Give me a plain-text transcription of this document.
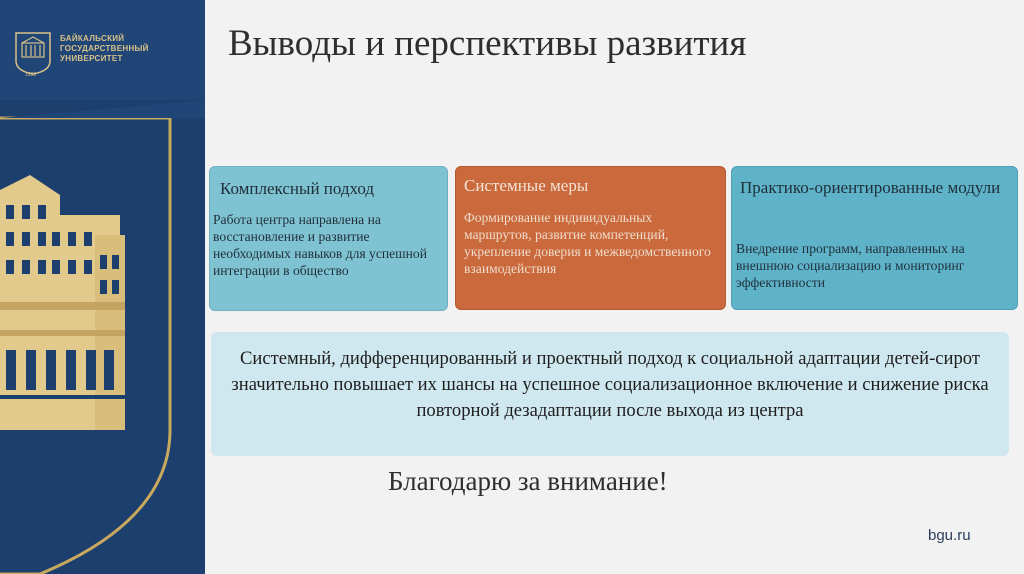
1930
БАЙКАЛЬСКИЙ
ГОСУДАРСТВЕННЫЙ
УНИВЕРСИТЕТ	Выводы и перспективы развития
Комплексный подход
Работа центра направлена на восстановление и развитие необходимых навыков для успешной интеграции в общество
Системные меры
Формирование индивидуальных маршрутов, развитие компетенций, укрепление доверия и межведомственного взаимодействия
Практико-ориентированные модули
Внедрение программ, направленных на внешнюю социализацию и мониторинг эффективности
Системный, дифференцированный и проектный подход к социальной адаптации детей-сирот значительно повышает их шансы на успешное социализационное включение и снижение риска повторной дезадаптации после выхода из центра
Благодарю за внимание!
bgu.ru
